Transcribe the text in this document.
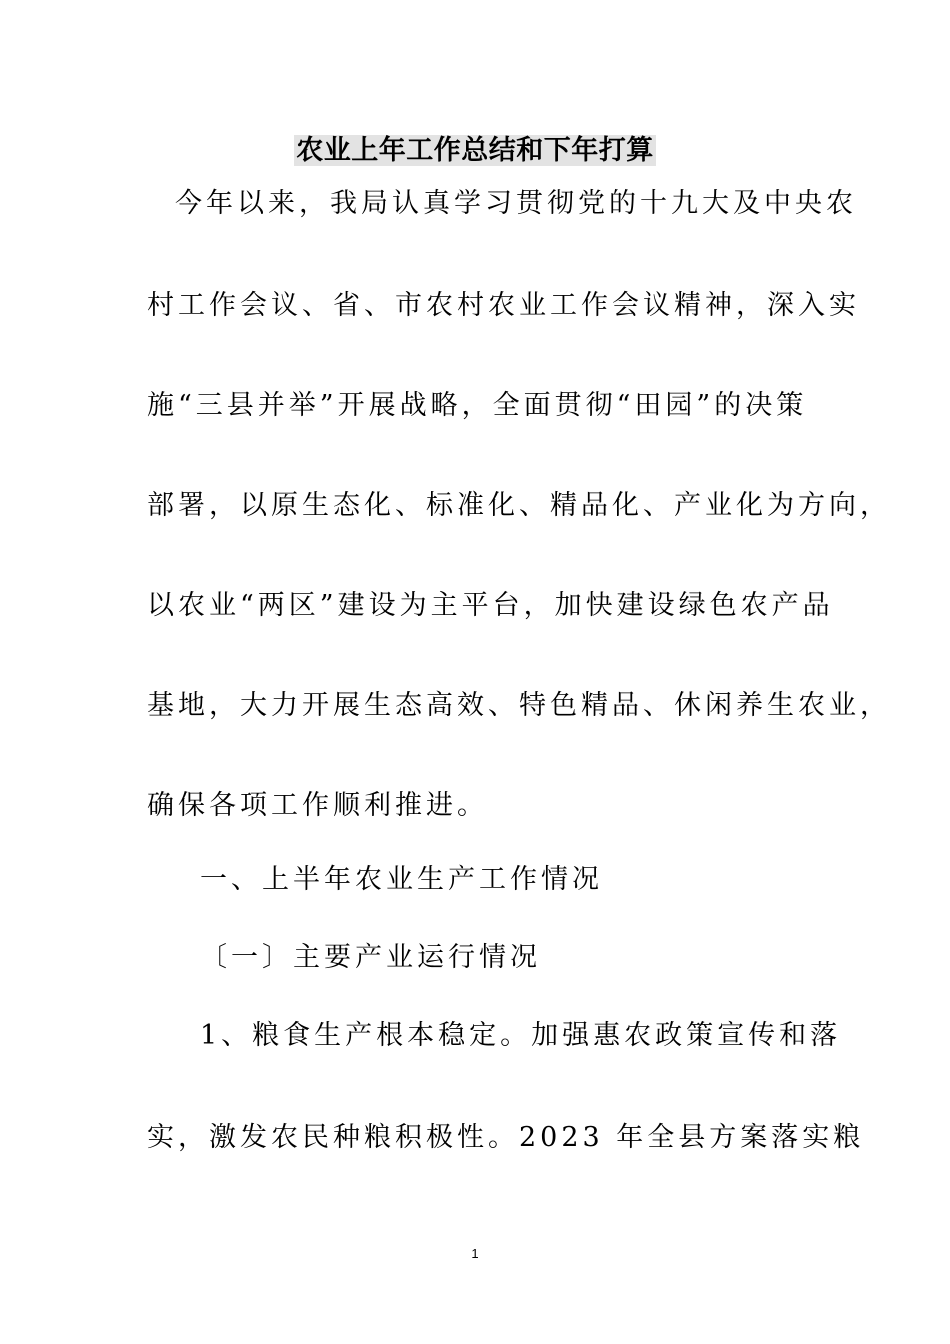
农业上年工作总结和下年打算
今年以来，我局认真学习贯彻党的十九大及中央农
村工作会议、省、市农村农业工作会议精神，深入实
施“三县并举”开展战略，全面贯彻“田园”的决策
部署，以原生态化、标准化、精品化、产业化为方向，
以农业“两区”建设为主平台，加快建设绿色农产品
基地，大力开展生态高效、特色精品、休闲养生农业，
确保各项工作顺利推进。
一、上半年农业生产工作情况
〔一〕主要产业运行情况
1、粮食生产根本稳定。加强惠农政策宣传和落
实，激发农民种粮积极性。2023 年全县方案落实粮
1
